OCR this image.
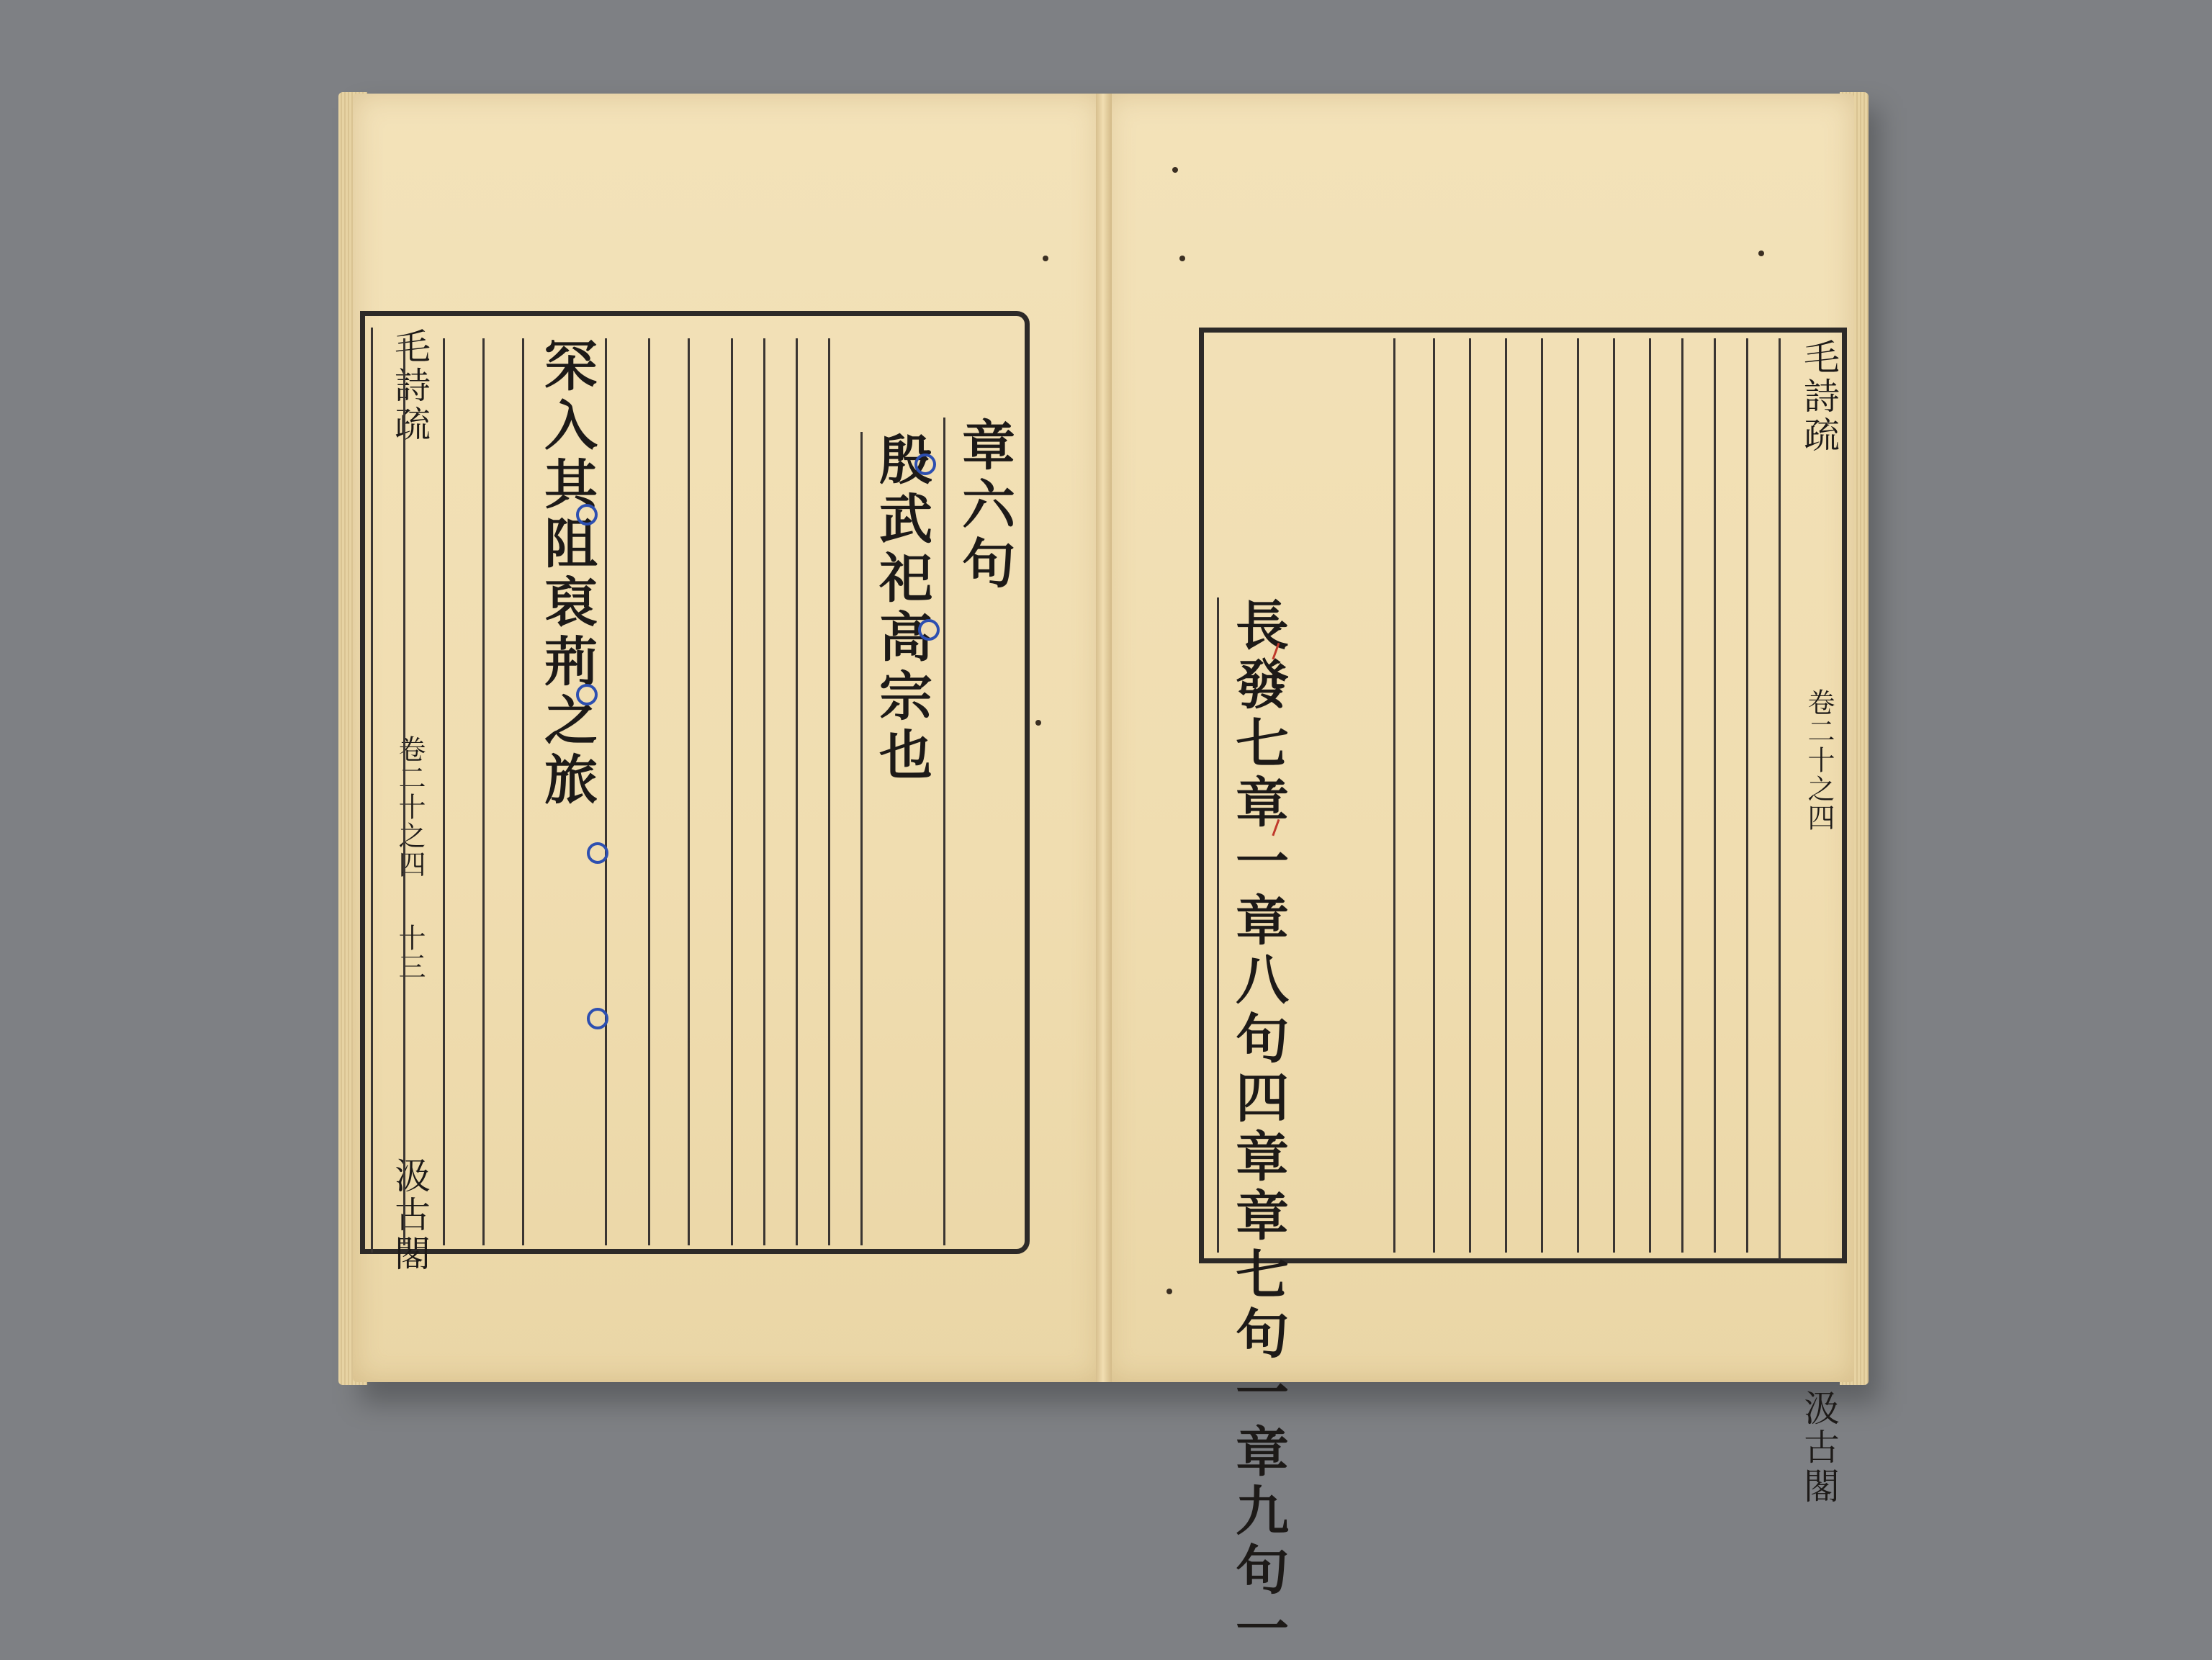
毛詩疏  卷二十之四 十三  汲古閣
章六句
殷武祀高宗也
罙入其阻裒荊之旅	毛詩疏  卷二十之四  汲古閣
長發七章一章八句四章章七句一章九句一
